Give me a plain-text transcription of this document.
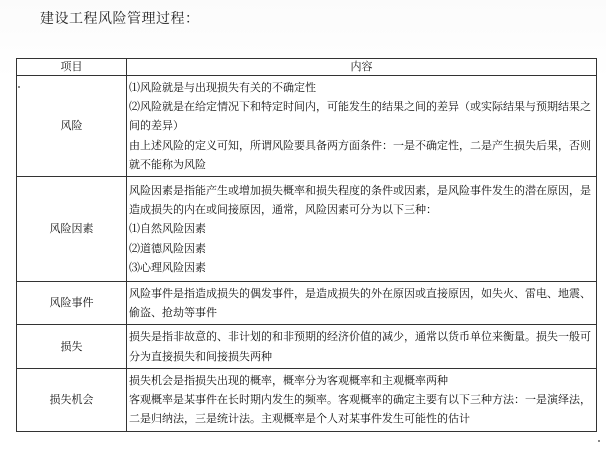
建设工程风险管理过程：
项目	内容
风险	⑴风险就是与出现损失有关的不确定性

⑵风险就是在给定情况下和特定时间内，可能发生的结果之间的差异（或实际结果与预期结果之间的差异）

由上述风险的定义可知，所谓风险要具备两方面条件：一是不确定性，二是产生损失后果，否则就不能称为风险

风险因素	风险因素是指能产生或增加损失概率和损失程度的条件或因素，是风险事件发生的潜在原因，是造成损失的内在或间接原因，通常，风险因素可分为以下三种：

⑴自然风险因素

⑵道德风险因素

⑶心理风险因素

风险事件	风险事件是指造成损失的偶发事件，是造成损失的外在原因或直接原因，如失火、雷电、地震、偷盗、抢劫等事件

损失	损失是指非故意的、非计划的和非预期的经济价值的减少，通常以货币单位来衡量。损失一般可分为直接损失和间接损失两种

损失机会	损失机会是指损失出现的概率，概率分为客观概率和主观概率两种

客观概率是某事件在长时期内发生的频率。客观概率的确定主要有以下三种方法：一是演绎法，二是归纳法，三是统计法。主观概率是个人对某事件发生可能性的估计
